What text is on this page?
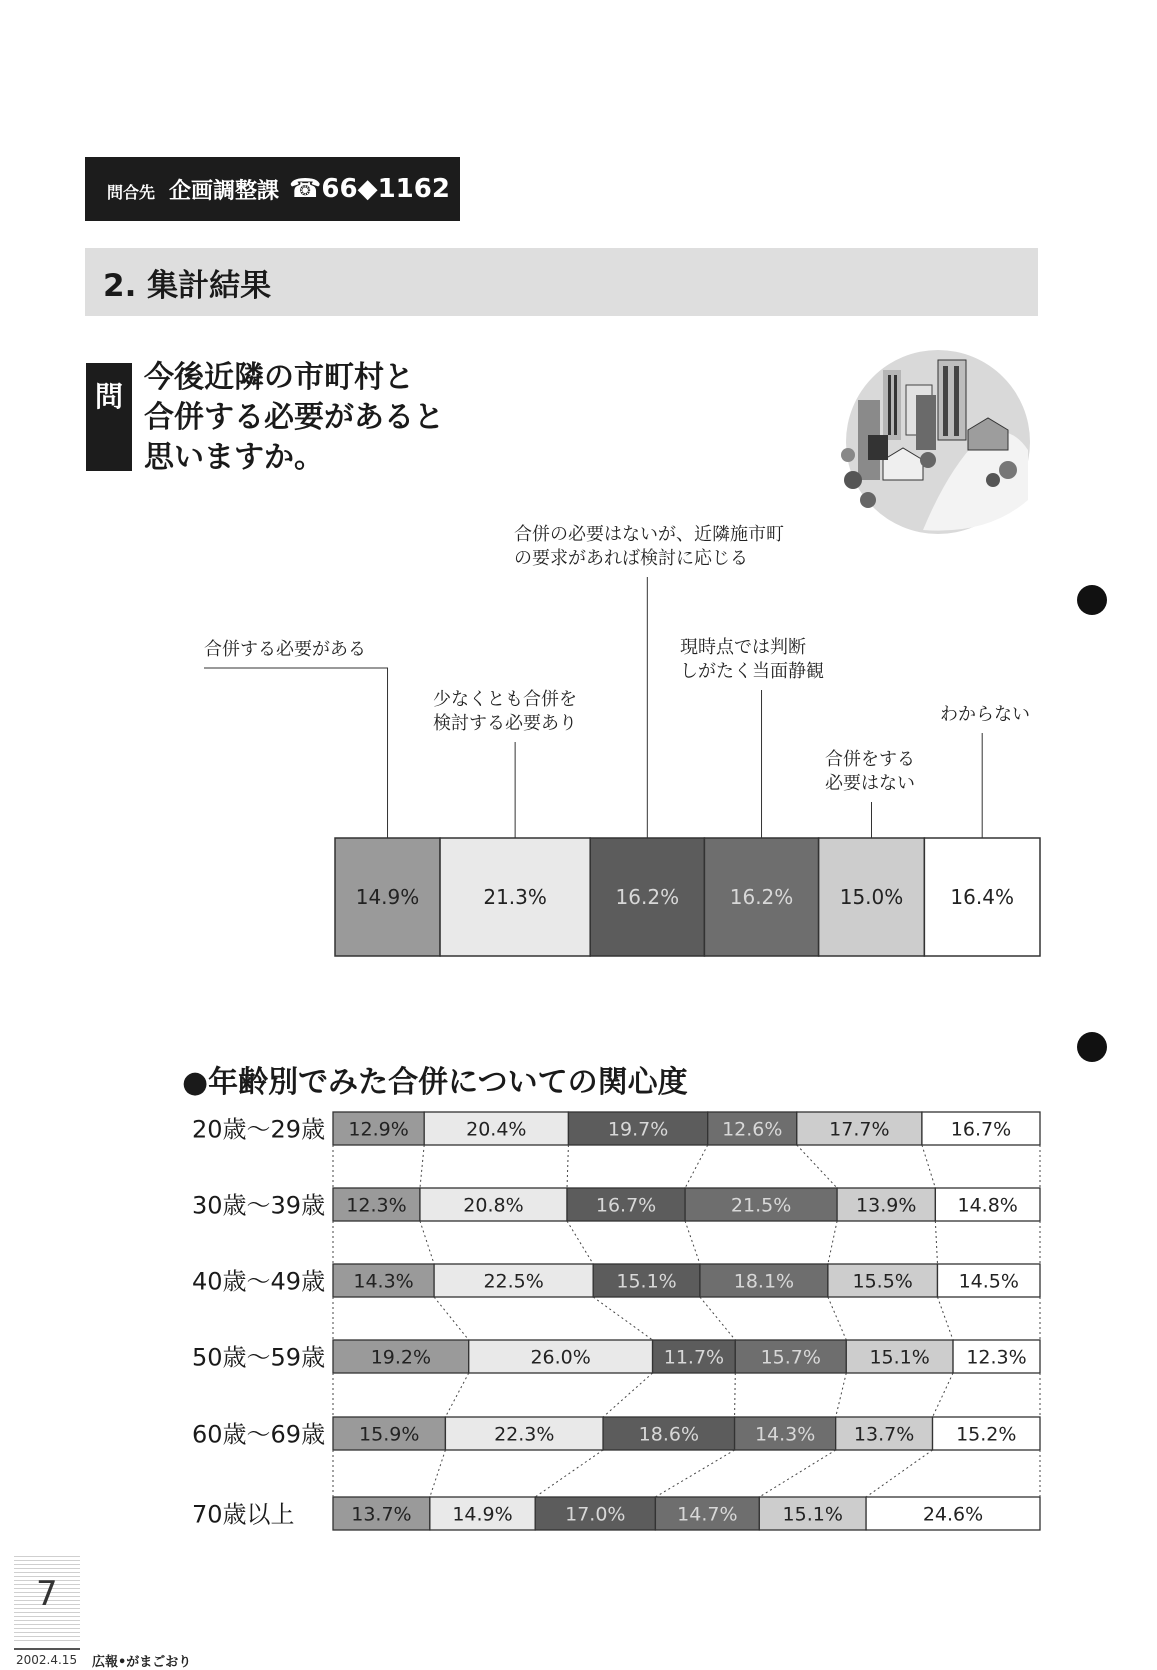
問合先 企画調整課 ☎66◆1162
2. 集計結果
問
今後近隣の市町村と
合併する必要があると
思いますか。
14.9%	21.3%	16.2%	16.2% 15.0% 16.4%
合併する必要がある
少なくとも合併を
検討する必要あり
合併の必要はないが、近隣施市町
の要求があれば検討に応じる
現時点では判断
しがたく当面静観
合併をする
必要はない
わからない
●年齢別でみた合併についての関心度
20歳〜29歳 12.9%	20.4%	19.7%	12.6% 17.7%	16.7%
30歳〜39歳 12.3%	20.8%	16.7%	21.5%	13.9% 14.8%
40歳〜49歳 14.3%	22.5%	15.1%	18.1%	15.5% 14.5%
50歳〜59歳 19.2%	26.0%	11.7% 15.7%	15.1% 12.3%
60歳〜69歳 15.9%	22.3%	18.6%	14.3% 13.7% 15.2%
70歳以上	13.7% 14.9%	17.0%	14.7% 15.1%	24.6%
7
2002.4.15 広報•がまごおり
